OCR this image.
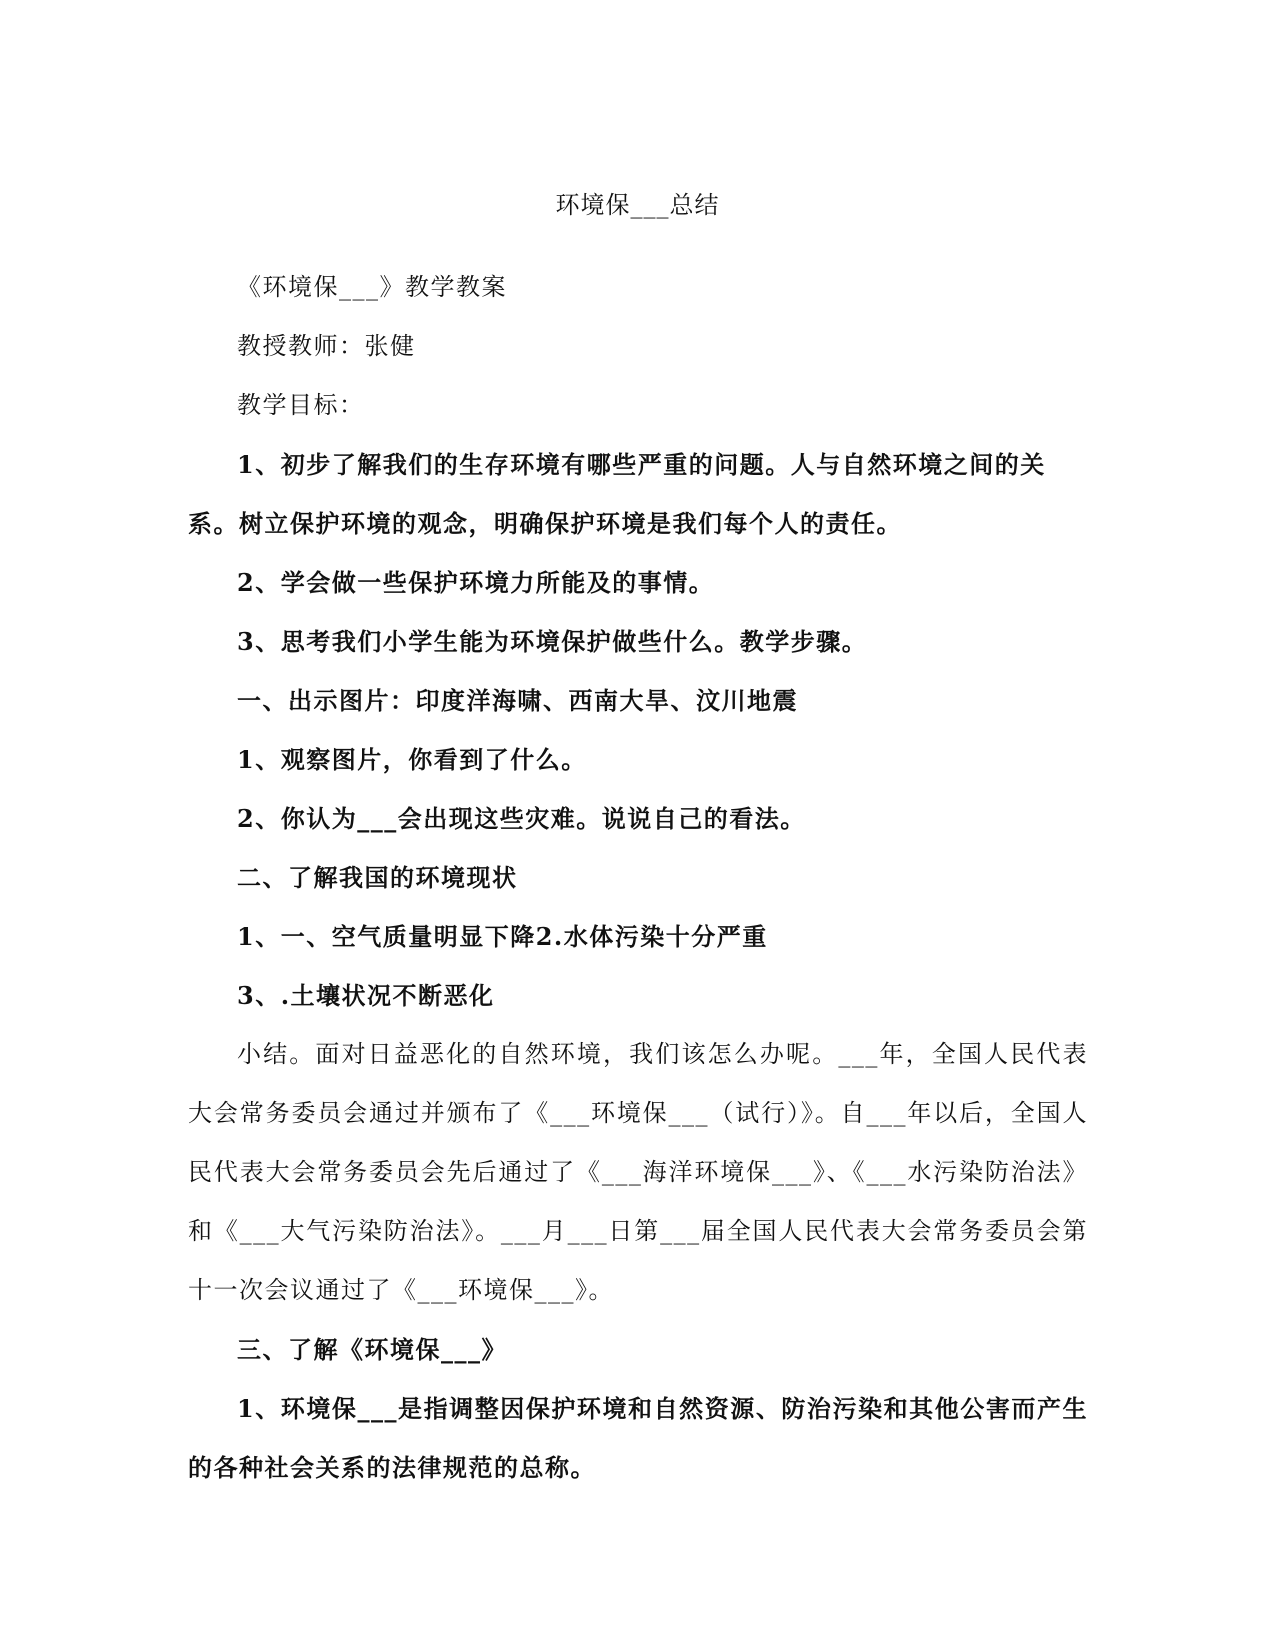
环境保___总结

《环境保___》教学教案

教授教师：张健

教学目标：

1、初步了解我们的生存环境有哪些严重的问题。人与自然环境之间的关系。树立保护环境的观念，明确保护环境是我们每个人的责任。

2、学会做一些保护环境力所能及的事情。

3、思考我们小学生能为环境保护做些什么。教学步骤。

一、出示图片：印度洋海啸、西南大旱、汶川地震

1、观察图片，你看到了什么。

2、你认为___会出现这些灾难。说说自己的看法。

二、了解我国的环境现状

1、一、空气质量明显下降2.水体污染十分严重

3、.土壤状况不断恶化

小结。面对日益恶化的自然环境，我们该怎么办呢。___年，全国人民代表大会常务委员会通过并颁布了《___环境保___（试行）》。自___年以后，全国人民代表大会常务委员会先后通过了《___海洋环境保___》、《___水污染防治法》和《___大气污染防治法》。___月___日第___届全国人民代表大会常务委员会第十一次会议通过了《___环境保___》。

三、了解《环境保___》

1、环境保___是指调整因保护环境和自然资源、防治污染和其他公害而产生的各种社会关系的法律规范的总称。
